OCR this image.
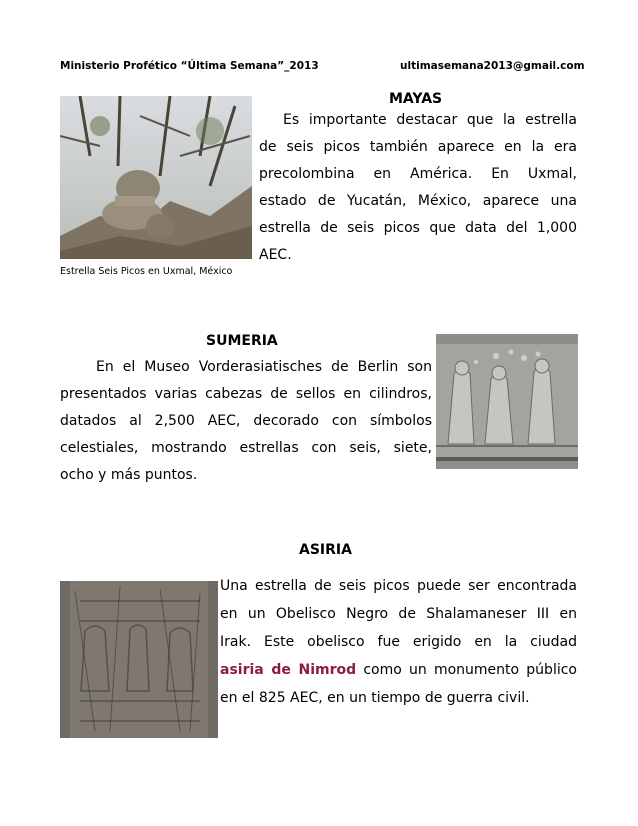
Ministerio Profético “Última Semana”_2013	ultimasemana2013@gmail.com
Estrella Seis Picos en Uxmal, México
MAYAS
Es importante destacar que la estrella
de seis picos también aparece en la era
precolombina en América. En Uxmal,
estado de Yucatán, México, aparece una
estrella de seis picos que data del 1,000
AEC.
SUMERIA
En el Museo Vorderasiatisches de Berlin son
presentados varias cabezas de sellos en cilindros,
datados al 2,500 AEC, decorado con símbolos
celestiales, mostrando estrellas con seis, siete,
ocho y más puntos.
ASIRIA
Una estrella de seis picos puede ser encontrada
en un Obelisco Negro de Shalamaneser III en
Irak. Este obelisco fue erigido en la ciudad
asiria de Nimrod como un monumento público
en el 825 AEC, en un tiempo de guerra civil.
